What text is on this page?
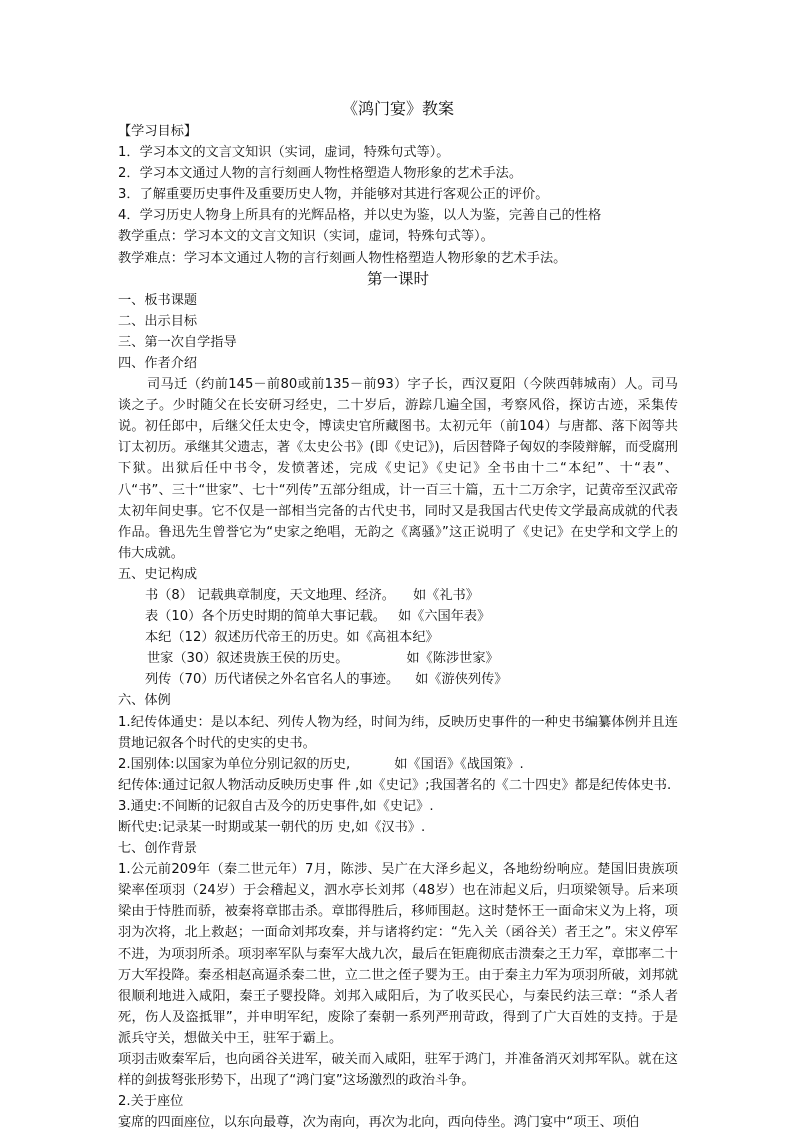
《鸿门宴》教案
【学习目标】
1．学习本文的文言文知识（实词，虚词，特殊句式等）。
2．学习本文通过人物的言行刻画人物性格塑造人物形象的艺术手法。
3．了解重要历史事件及重要历史人物，并能够对其进行客观公正的评价。
4．学习历史人物身上所具有的光辉品格，并以史为鉴，以人为鉴，完善自己的性格
教学重点：学习本文的文言文知识（实词，虚词，特殊句式等）。
教学难点：学习本文通过人物的言行刻画人物性格塑造人物形象的艺术手法。
第一课时
一、板书课题
二、出示目标
三、第一次自学指导
四、作者介绍
司马迁（约前145－前80或前135－前93）字子长，西汉夏阳（今陕西韩城南）人。司马谈之子。少时随父在长安研习经史，二十岁后，游踪几遍全国，考察风俗，探访古迹，采集传说。初任郎中，后继父任太史令，博读史官所藏图书。太初元年（前104）与唐都、落下闳等共订太初历。承继其父遗志，著《太史公书》(即《史记》)，后因替降子匈奴的李陵辩解，而受腐刑下狱。出狱后任中书令，发愤著述，完成《史记》《史记》全书由十二“本纪”、十“表”、八“书”、三十“世家”、七十“列传”五部分组成，计一百三十篇，五十二万余字，记黄帝至汉武帝太初年间史事。它不仅是一部相当完备的古代史书，同时又是我国古代史传文学最高成就的代表作品。鲁迅先生曾誉它为“史家之绝唱，无韵之《离骚》”这正说明了《史记》在史学和文学上的伟大成就。
五、史记构成
书（8） 记载典章制度，天文地理、经济。 如《礼书》
表（10）各个历史时期的简单大事记载。 如《六国年表》
本纪（12）叙述历代帝王的历史。如《高祖本纪》
世家（30）叙述贵族王侯的历史。	如《陈涉世家》
列传（70）历代诸侯之外名官名人的事迹。 如《游侠列传》
六、体例
1.纪传体通史：是以本纪、列传人物为经，时间为纬，反映历史事件的一种史书编纂体例并且连贯地记叙各个时代的史实的史书。
2.国别体:以国家为单位分别记叙的历史,	如《国语》《战国策》.
纪传体:通过记叙人物活动反映历史事 件 ,如《史记》;我国著名的《二十四史》都是纪传体史书.
3.通史:不间断的记叙自古及今的历史事件,如《史记》.
断代史:记录某一时期或某一朝代的历 史,如《汉书》.
七、创作背景
1.公元前209年（秦二世元年）7月，陈涉、吴广在大泽乡起义，各地纷纷响应。楚国旧贵族项梁率侄项羽（24岁）于会稽起义，泗水亭长刘邦（48岁）也在沛起义后，归项梁领导。后来项梁由于恃胜而骄，被秦将章邯击杀。章邯得胜后，移师围赵。这时楚怀王一面命宋义为上将，项羽为次将，北上救赵；一面命刘邦攻秦，并与诸将约定：“先入关（函谷关）者王之”。宋义停军不进，为项羽所杀。项羽率军队与秦军大战九次，最后在钜鹿彻底击溃秦之王力军，章邯率二十万大军投降。秦丞相赵高逼杀秦二世，立二世之侄子婴为王。由于秦主力军为项羽所破，刘邦就很顺利地进入咸阳，秦王子婴投降。刘邦入咸阳后，为了收买民心，与秦民约法三章：“杀人者死，伤人及盗抵罪”，并申明军纪，废除了秦朝一系列严刑苛政，得到了广大百姓的支持。于是派兵守关，想做关中王，驻军于霸上。
项羽击败秦军后，也向函谷关进军，破关而入咸阳，驻军于鸿门，并准备消灭刘邦军队。就在这样的剑拔弩张形势下，出现了“鸿门宴”这场激烈的政治斗争。
2.关于座位
宴席的四面座位，以东向最尊，次为南向，再次为北向，西向侍坐。鸿门宴中“项王、项伯
